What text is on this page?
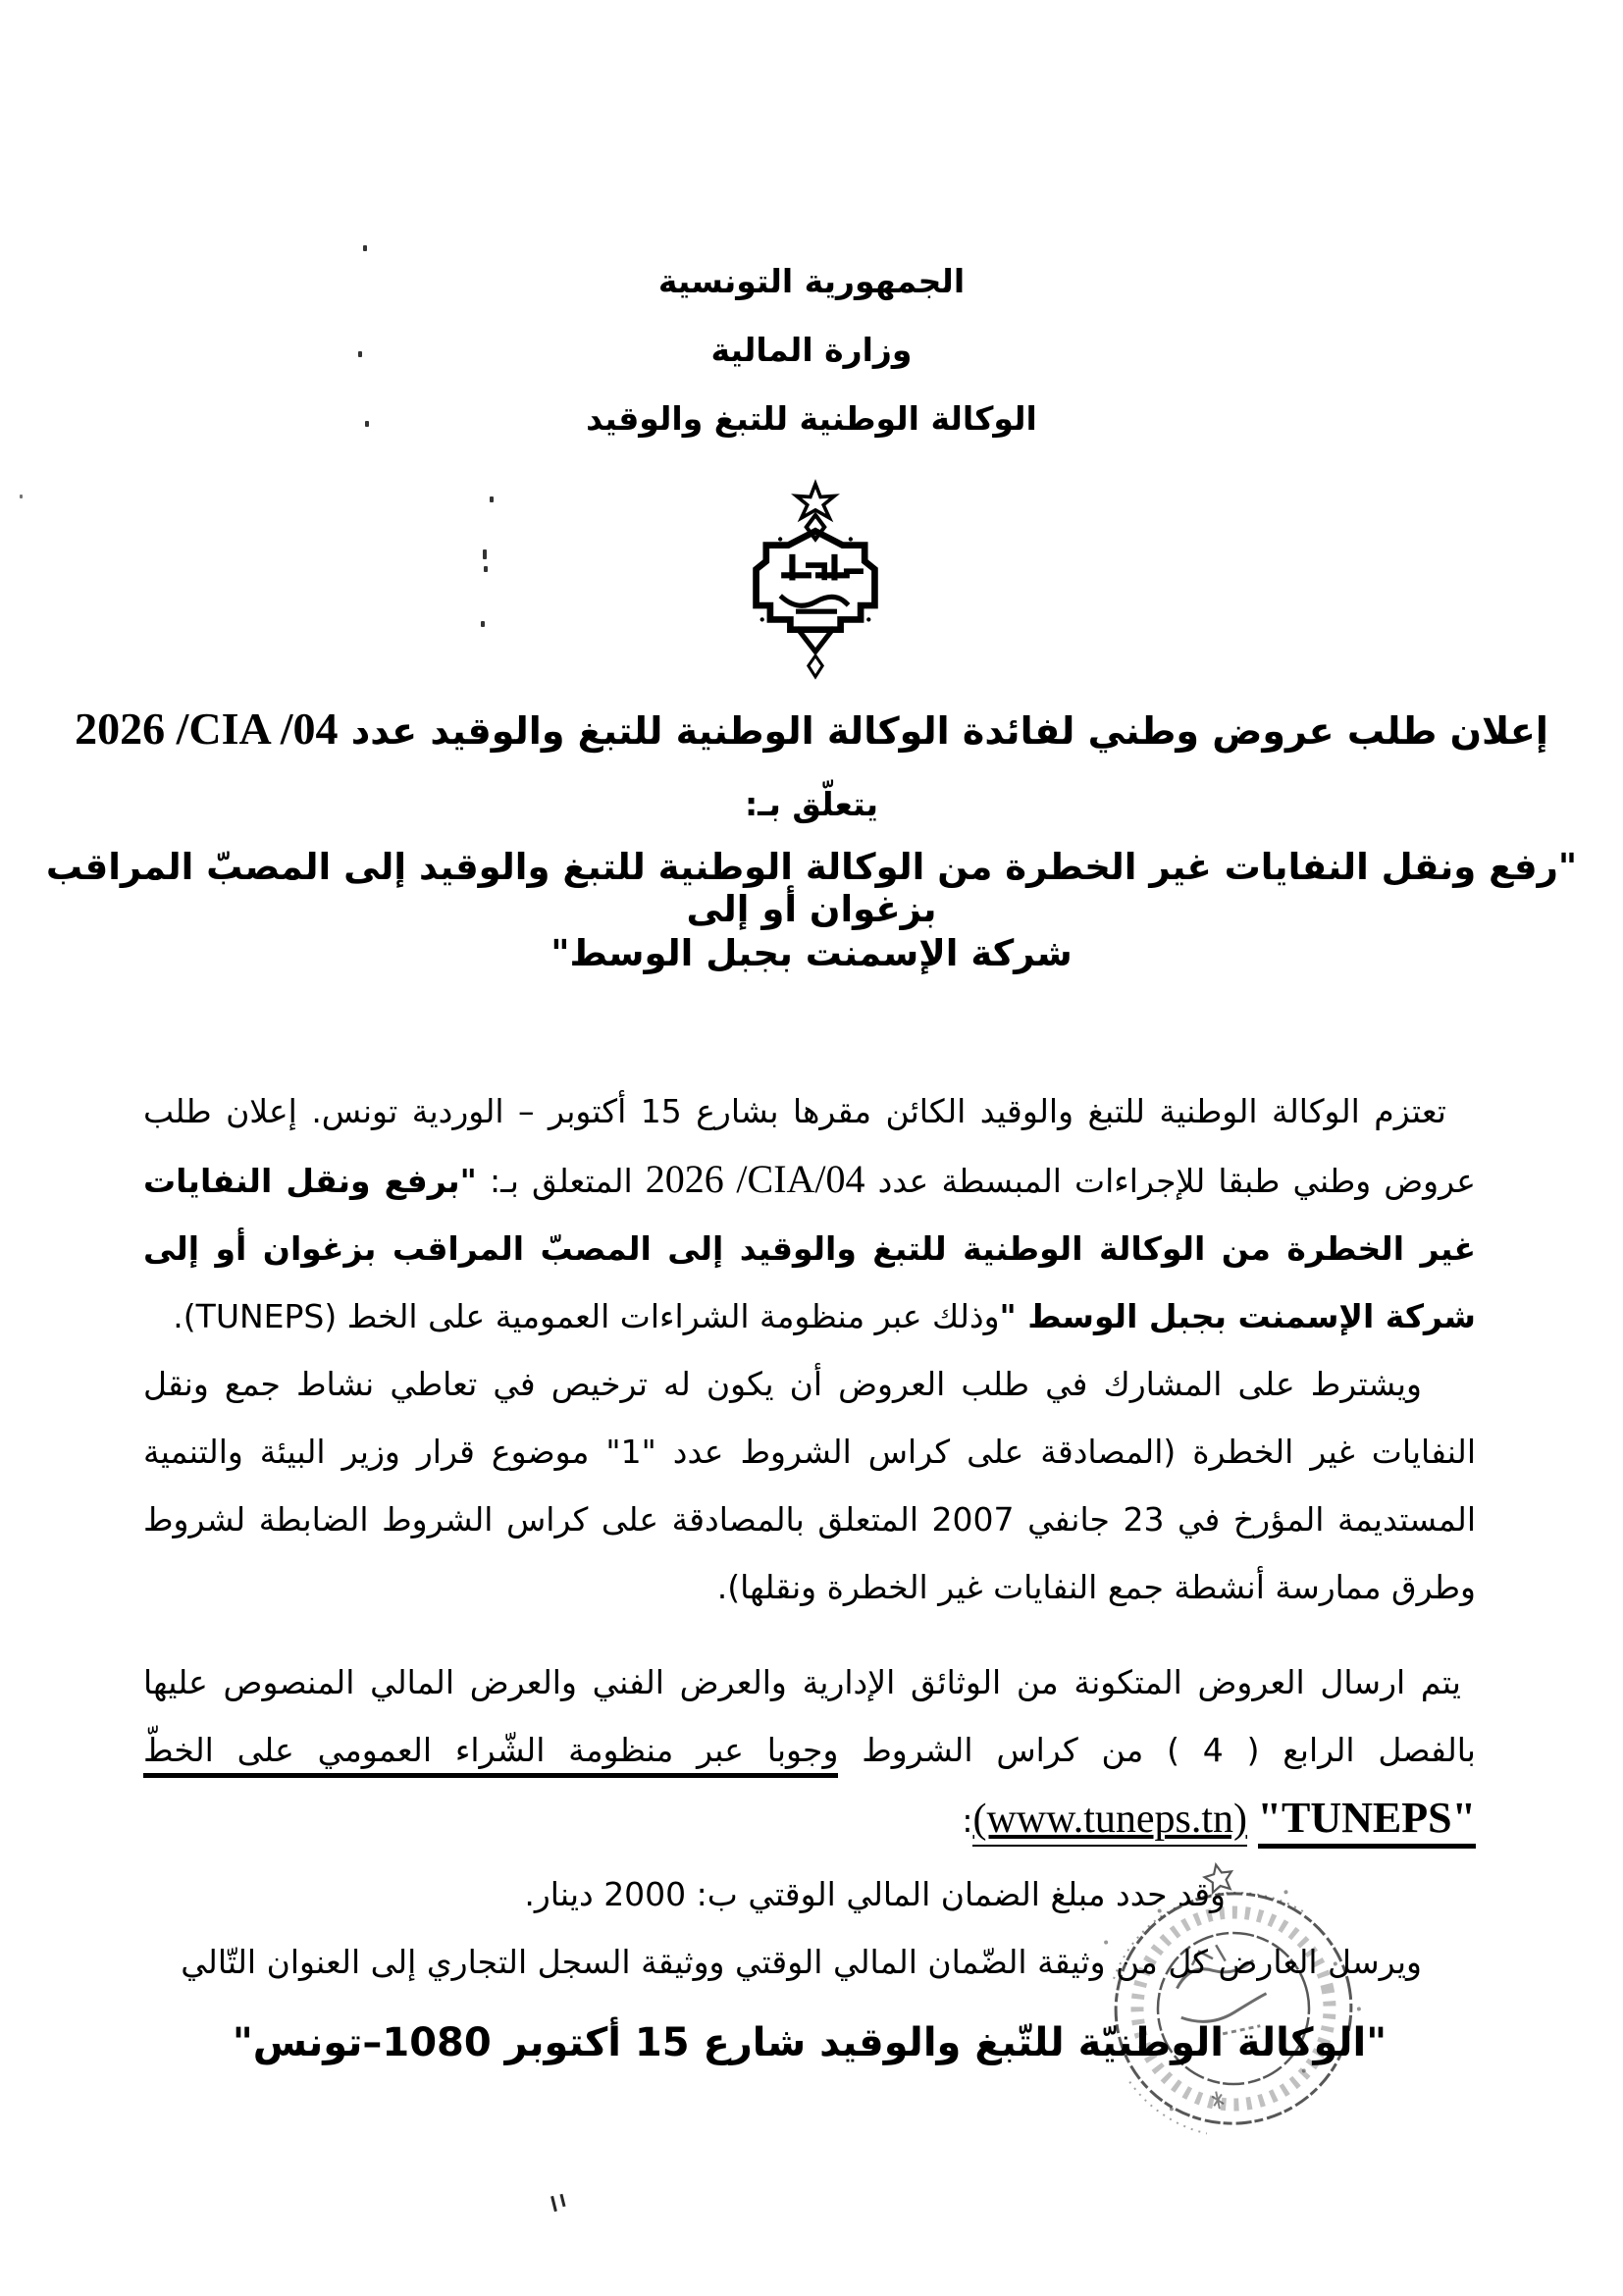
الجمهورية التونسية
وزارة المالية
الوكالة الوطنية للتبغ والوقيد
إعلان طلب عروض وطني لفائدة الوكالة الوطنية للتبغ والوقيد عدد 2026 /CIA /04
يتعلّق بـ:
"رفع ونقل النفايات غير الخطرة من الوكالة الوطنية للتبغ والوقيد إلى المصبّ المراقب بزغوان أو إلى
شركة الإسمنت بجبل الوسط"

تعتزم الوكالة الوطنية للتبغ والوقيد الكائن مقرها بشارع 15 أكتوبر – الوردية تونس. إعلان طلب عروض وطني طبقا للإجراءات المبسطة عدد 2026 /CIA/04 المتعلق بـ: "برفع ونقل النفايات غير الخطرة من الوكالة الوطنية للتبغ والوقيد إلى المصبّ المراقب بزغوان أو إلى شركة الإسمنت بجبل الوسط "وذلك عبر منظومة الشراءات العمومية على الخط (TUNEPS).

ويشترط على المشارك في طلب العروض أن يكون له ترخيص في تعاطي نشاط جمع ونقل النفايات غير الخطرة (المصادقة على كراس الشروط عدد "1" موضوع قرار وزير البيئة والتنمية المستديمة المؤرخ في 23 جانفي 2007 المتعلق بالمصادقة على كراس الشروط الضابطة لشروط وطرق ممارسة أنشطة جمع النفايات غير الخطرة ونقلها).

يتم ارسال العروض المتكونة من الوثائق الإدارية والعرض الفني والعرض المالي المنصوص عليها بالفصل الرابع ( 4 ) من كراس الشروط وجوبا عبر منظومة الشّراء العمومي على الخطّ "TUNEPS" (www.tuneps.tn):

وقد حدد مبلغ الضمان المالي الوقتي ب: 2000 دينار.

ويرسل العارض كل من وثيقة الضّمان المالي الوقتي ووثيقة السجل التجاري إلى العنوان التّالي

"الوكالة الوطنيّة للتّبغ والوقيد شارع 15 أكتوبر 1080–تونس"
